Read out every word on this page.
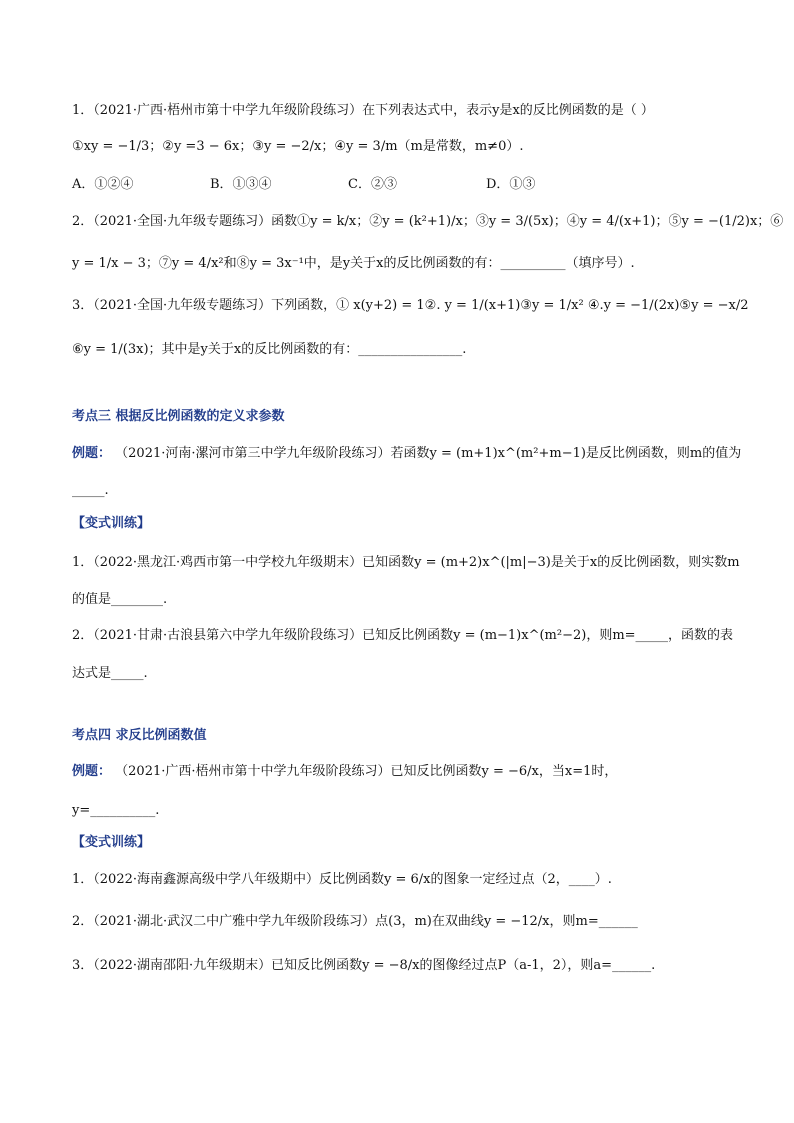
1．（2021·广西·梧州市第十中学九年级阶段练习）在下列表达式中，表示y是x的反比例函数的是（ ）
①xy = −1/3；②y =3 − 6x；③y = −2/x；④y = 3/m（m是常数，m≠0）.
A．①②④	B．①③④	C．②③	D．①③
2．（2021·全国·九年级专题练习）函数①y = k/x；②y = (k²+1)/x；③y = 3/(5x)；④y = 4/(x+1)；⑤y = −(1/2)x；⑥
y = 1/x − 3；⑦y = 4/x²和⑧y = 3x⁻¹中，是y关于x的反比例函数的有：__________（填序号）.
3．（2021·全国·九年级专题练习）下列函数，① x(y+2) = 1②. y = 1/(x+1)③y = 1/x² ④.y = −1/(2x)⑤y = −x/2
⑥y = 1/(3x)；其中是y关于x的反比例函数的有：________________.
考点三 根据反比例函数的定义求参数
例题： （2021·河南·漯河市第三中学九年级阶段练习）若函数y = (m+1)x^(m²+m−1)是反比例函数，则m的值为
_____.
【变式训练】
1．（2022·黑龙江·鸡西市第一中学校九年级期末）已知函数y = (m+2)x^(|m|−3)是关于x的反比例函数，则实数m
的值是________.
2．（2021·甘肃·古浪县第六中学九年级阶段练习）已知反比例函数y = (m−1)x^(m²−2)，则m=_____，函数的表
达式是_____.
考点四 求反比例函数值
例题： （2021·广西·梧州市第十中学九年级阶段练习）已知反比例函数y = −6/x，当x=1时，
y=__________.
【变式训练】
1．（2022·海南鑫源高级中学八年级期中）反比例函数y = 6/x的图象一定经过点（2，____）.
2．（2021·湖北·武汉二中广雅中学九年级阶段练习）点(3，m)在双曲线y = −12/x，则m=______
3．（2022·湖南邵阳·九年级期末）已知反比例函数y = −8/x的图像经过点P（a-1，2），则a=______.
